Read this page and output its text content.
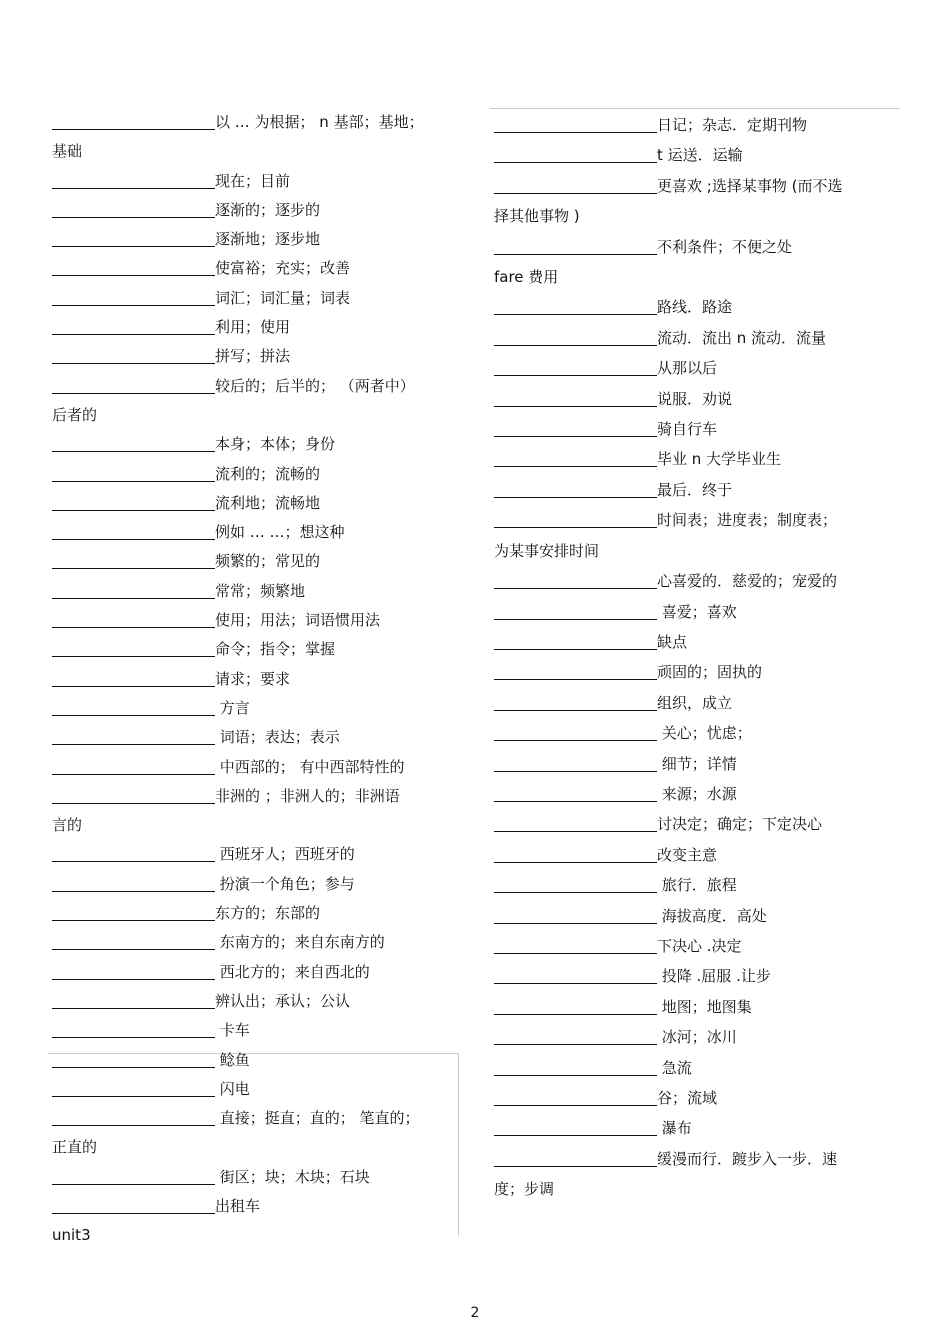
以 … 为根据； n 基部；基地；
基础
现在；目前
逐渐的；逐步的
逐渐地；逐步地
使富裕；充实；改善
词汇；词汇量；词表
利用；使用
拼写；拼法
较后的；后半的； （两者中）
后者的
本身；本体；身份
流利的；流畅的
流利地；流畅地
例如 … …；想这种
频繁的；常见的
常常；频繁地
使用；用法；词语惯用法
命令；指令；掌握
请求；要求
方言
词语；表达；表示
中西部的； 有中西部特性的
非洲的 ；非洲人的；非洲语
言的
西班牙人；西班牙的
扮演一个角色；参与
东方的；东部的
东南方的；来自东南方的
西北方的；来自西北的
辨认出；承认；公认
卡车
鲶鱼
闪电
直接；挺直；直的； 笔直的；
正直的
街区；块；木块；石块
出租车
unit3
日记；杂志．定期刊物
t 运送．运输
更喜欢 ;选择某事物 (而不选
择其他事物 )
不利条件；不便之处
fare 费用
路线．路途
流动．流出 n 流动．流量
从那以后
说服．劝说
骑自行车
毕业 n 大学毕业生
最后．终于
时间表；进度表；制度表；
为某事安排时间
心喜爱的．慈爱的；宠爱的
喜爱；喜欢
缺点
顽固的；固执的
组织，成立
关心；忧虑；
细节；详情
来源；水源
讨决定；确定；下定决心
改变主意
旅行．旅程
海拔高度．高处
下决心 .决定
投降 .屈服 .让步
地图；地图集
冰河；冰川
急流
谷；流域
瀑布
缓漫而行．踱步入一步．速
度；步调
2
